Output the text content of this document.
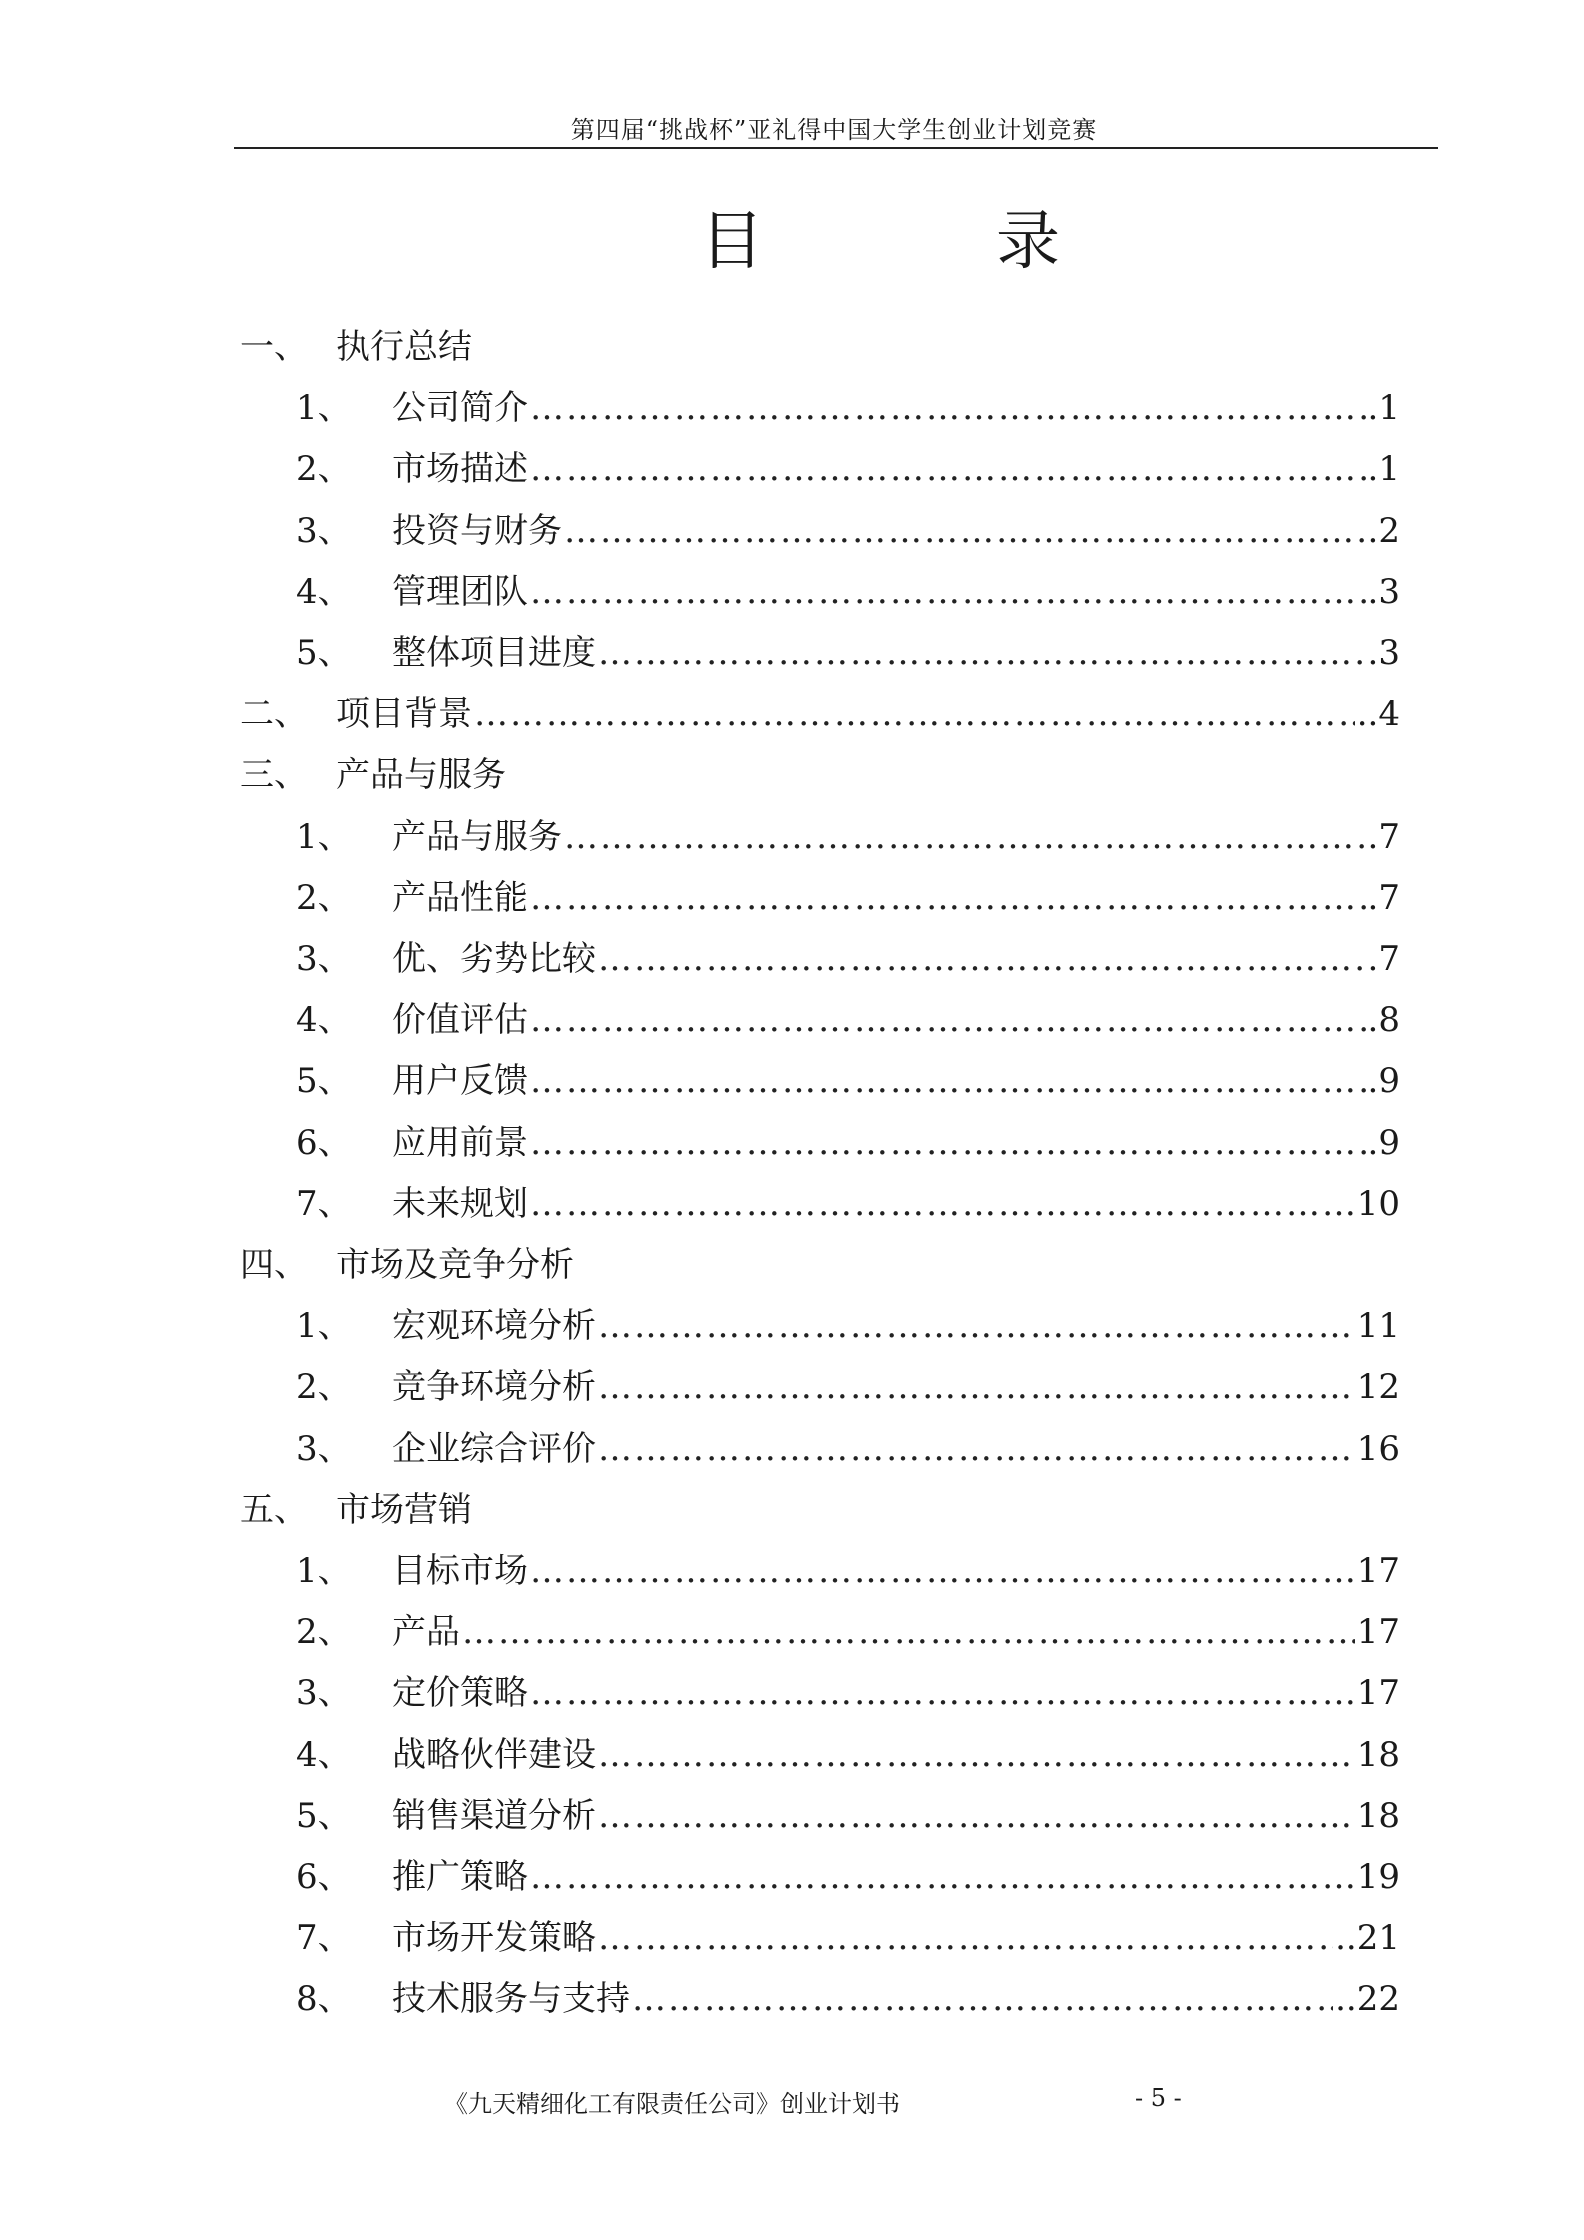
第四届“挑战杯”亚礼得中国大学生创业计划竞赛
目	录
一、 执行总结
1、 公司简介 …………………………………………………………………………………………………………………………………………………………………………………………………………	.1
2、 市场描述 …………………………………………………………………………………………………………………………………………………………………………………………………………	.1
3、 投资与财务 …………………………………………………………………………………………………………………………………………………………………………………………………………	.2
4、 管理团队 …………………………………………………………………………………………………………………………………………………………………………………………………………	.3
5、 整体项目进度 …………………………………………………………………………………………………………………………………………………………………………………………………………	.3
二、 项目背景 …………………………………………………………………………………………………………………………………………………………………………………………………………	..4
三、 产品与服务
1、 产品与服务 …………………………………………………………………………………………………………………………………………………………………………………………………………	.7
2、 产品性能 …………………………………………………………………………………………………………………………………………………………………………………………………………	.7
3、 优、劣势比较 …………………………………………………………………………………………………………………………………………………………………………………………………………	.7
4、 价值评估 …………………………………………………………………………………………………………………………………………………………………………………………………………	.8
5、 用户反馈 …………………………………………………………………………………………………………………………………………………………………………………………………………	.9
6、 应用前景 …………………………………………………………………………………………………………………………………………………………………………………………………………	.9
7、 未来规划 …………………………………………………………………………………………………………………………………………………………………………………………………………	10
四、 市场及竞争分析
1、 宏观环境分析 …………………………………………………………………………………………………………………………………………………………………………………………………………	11
2、 竞争环境分析 …………………………………………………………………………………………………………………………………………………………………………………………………………	12
3、 企业综合评价 …………………………………………………………………………………………………………………………………………………………………………………………………………	16
五、 市场营销
1、 目标市场 …………………………………………………………………………………………………………………………………………………………………………………………………………	17
2、 产品 …………………………………………………………………………………………………………………………………………………………………………………………………………	17
3、 定价策略 …………………………………………………………………………………………………………………………………………………………………………………………………………	17
4、 战略伙伴建设 …………………………………………………………………………………………………………………………………………………………………………………………………………	18
5、 销售渠道分析 …………………………………………………………………………………………………………………………………………………………………………………………………………	18
6、 推广策略 …………………………………………………………………………………………………………………………………………………………………………………………………………	19
7、 市场开发策略 …………………………………………………………………………………………………………………………………………………………………………………………………………	..21
8、 技术服务与支持 …………………………………………………………………………………………………………………………………………………………………………………………………………	..22
《九天精细化工有限责任公司》创业计划书	- 5 -
